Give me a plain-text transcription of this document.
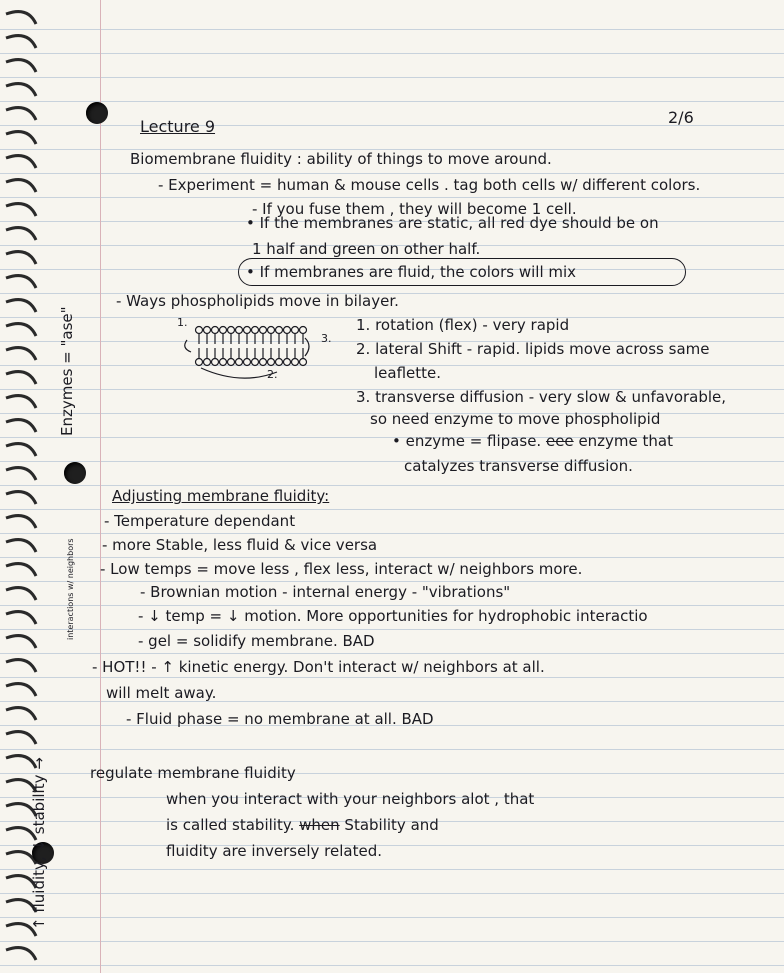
Lecture 9	2/6
Biomembrane fluidity : ability of things to move around.
- Experiment = human & mouse cells . tag both cells w/ different colors.
- If you fuse them , they will become 1 cell.
• If the membranes are static, all red dye should be on
1 half and green on other half.
• If membranes are fluid, the colors will mix
- Ways phospholipids move in bilayer.
1.
2.
3.
1. rotation (flex) - very rapid
2. lateral Shift - rapid. lipids move across same
leaflette.
3. transverse diffusion - very slow & unfavorable,
so need enzyme to move phospholipid
• enzyme = flipase. eee enzyme that
catalyzes transverse diffusion.
Adjusting membrane fluidity:
- Temperature dependant
- more Stable, less fluid & vice versa
- Low temps = move less , flex less, interact w/ neighbors more.
- Brownian motion - internal energy - "vibrations"
- ↓ temp = ↓ motion. More opportunities for hydrophobic interactio
- gel = solidify membrane. BAD
- HOT!! - ↑ kinetic energy. Don't interact w/ neighbors at all.
will melt away.
- Fluid phase = no membrane at all. BAD
regulate membrane fluidity
when you interact with your neighbors alot , that
is called stability. when Stability and
fluidity are inversely related.
↑ fluidity, ↓ stability →
interactions w/ neighbors
Enzymes = "ase"
